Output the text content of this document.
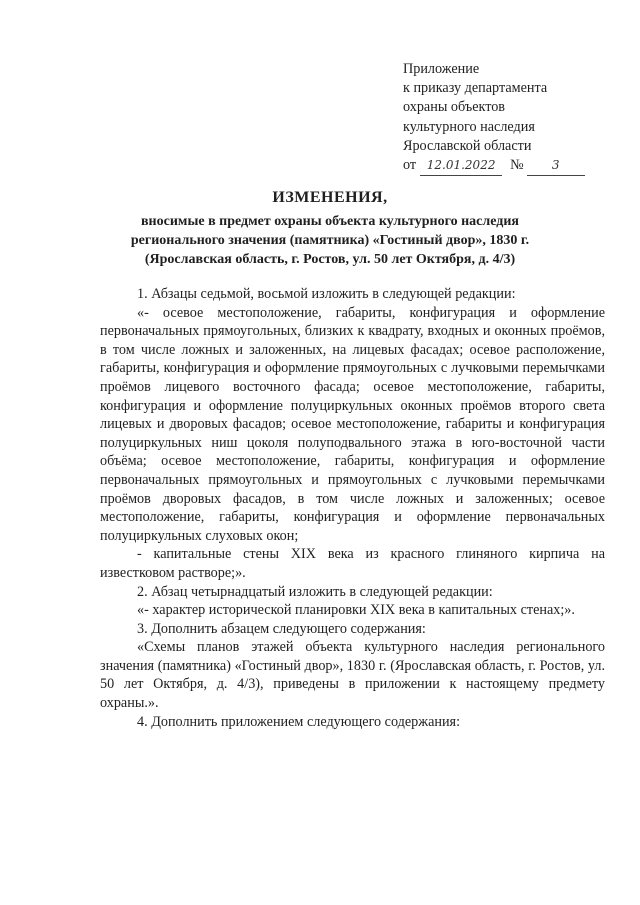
Приложение
к приказу департамента
охраны объектов
культурного наследия
Ярославской области
от 12.01.2022	№	3
ИЗМЕНЕНИЯ,
вносимые в предмет охраны объекта культурного наследия регионального значения (памятника) «Гостиный двор», 1830 г. (Ярославская область, г. Ростов, ул. 50 лет Октября, д. 4/3)

1. Абзацы седьмой, восьмой изложить в следующей редакции:

«- осевое местоположение, габариты, конфигурация и оформление первоначальных прямоугольных, близких к квадрату, входных и оконных проёмов, в том числе ложных и заложенных, на лицевых фасадах; осевое расположение, габариты, конфигурация и оформление прямоугольных с лучковыми перемычками проёмов лицевого восточного фасада; осевое местоположение, габариты, конфигурация и оформление полуциркульных оконных проёмов второго света лицевых и дворовых фасадов; осевое местоположение, габариты и конфигурация полуциркульных ниш цоколя полуподвального этажа в юго-восточной части объёма; осевое местоположение, габариты, конфигурация и оформление первоначальных прямоугольных и прямоугольных с лучковыми перемычками проёмов дворовых фасадов, в том числе ложных и заложенных; осевое местоположение, габариты, конфигурация и оформление первоначальных полуциркульных слуховых окон;

- капитальные стены XIX века из красного глиняного кирпича на известковом растворе;».

2. Абзац четырнадцатый изложить в следующей редакции:

«- характер исторической планировки XIX века в капитальных стенах;».

3. Дополнить абзацем следующего содержания:

«Схемы планов этажей объекта культурного наследия регионального значения (памятника) «Гостиный двор», 1830 г. (Ярославская область, г. Ростов, ул. 50 лет Октября, д. 4/3), приведены в приложении к настоящему предмету охраны.».

4. Дополнить приложением следующего содержания:
